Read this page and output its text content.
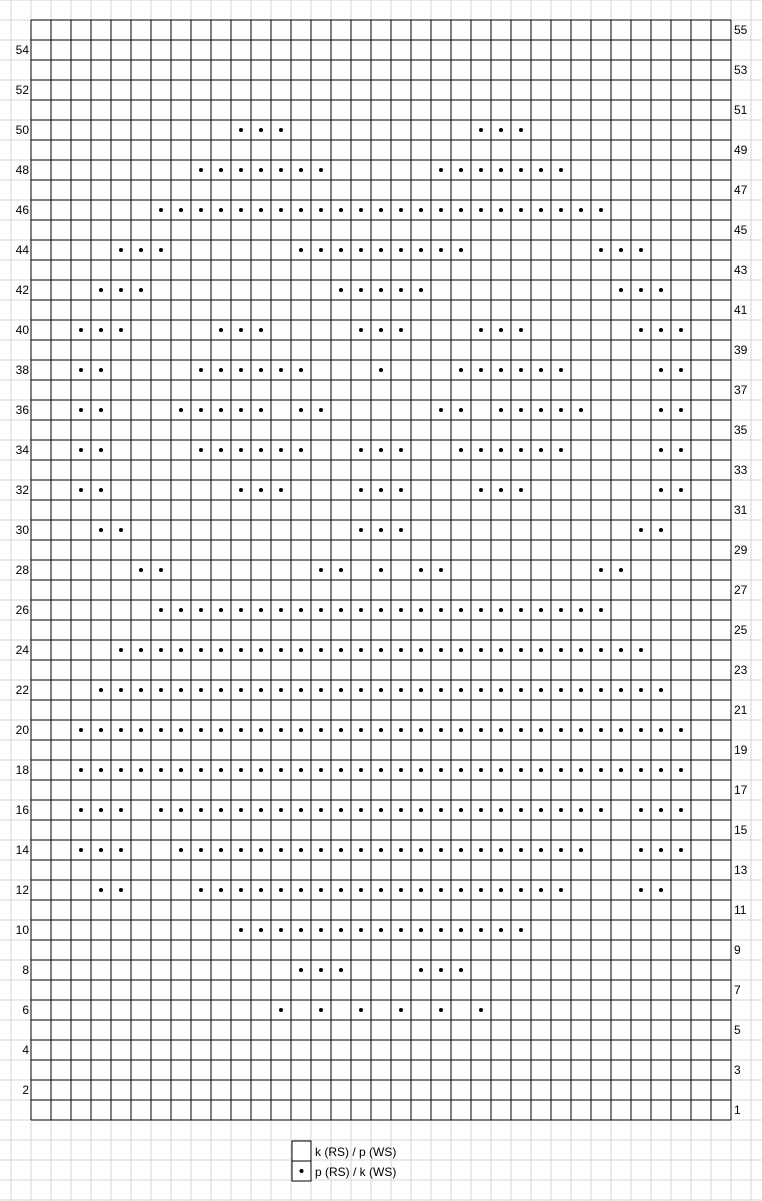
54
52
50
48
46
44
42
40
38
36
34
32
30
28
26
24
22
20
18
16
14
12
10
8
6
4
2
55
53
51
49
47
45
43
41
39
37
35
33
31
29
27
25
23
21
19
17
15
13
11
9
7
5
3
1
k (RS) / p (WS)
p (RS) / k (WS)
